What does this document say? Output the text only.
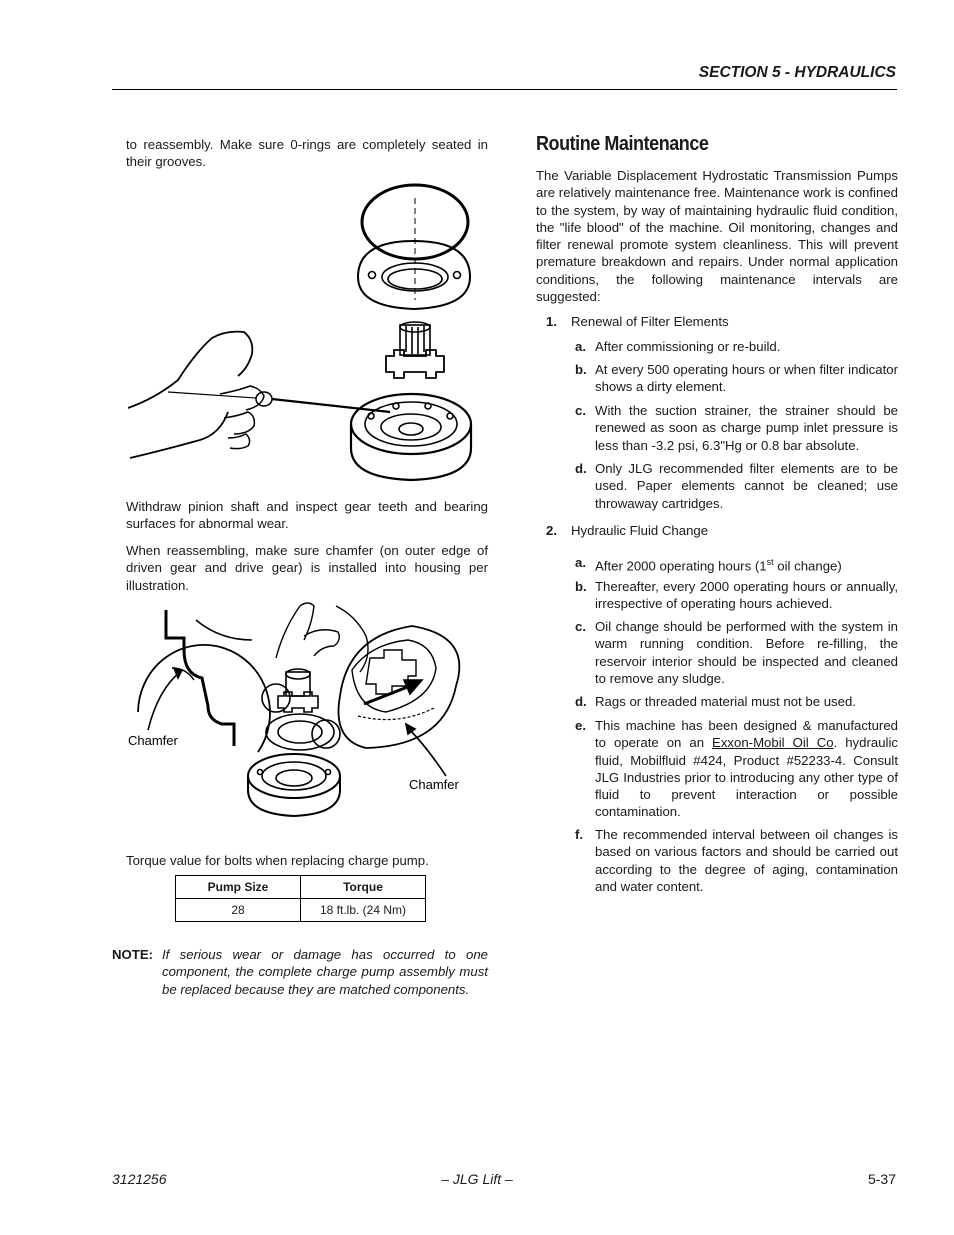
SECTION 5 - HYDRAULICS
to reassembly. Make sure 0-rings are completely seated in their grooves.
Withdraw pinion shaft and inspect gear teeth and bearing surfaces for abnormal wear.
When reassembling, make sure chamfer (on outer edge of driven gear and drive gear) is installed into housing per illustration.
Chamfer
Chamfer
Torque value for bolts when replacing charge pump.
Pump Size	Torque
28	18 ft.lb. (24 Nm)
NOTE: If serious wear or damage has occurred to one component, the complete charge pump assembly must be replaced because they are matched components.
Routine Maintenance
The Variable Displacement Hydrostatic Transmission Pumps are relatively maintenance free. Maintenance work is confined to the system, by way of maintaining hydraulic fluid condition, the "life blood" of the machine. Oil monitoring, changes and filter renewal promote system cleanliness. This will prevent premature breakdown and repairs. Under normal application conditions, the following maintenance intervals are suggested:
1. Renewal of Filter Elements
a. After commissioning or re-build.
b. At every 500 operating hours or when filter indicator shows a dirty element.
c. With the suction strainer, the strainer should be renewed as soon as charge pump inlet pressure is less than -3.2 psi, 6.3"Hg or 0.8 bar absolute.
d. Only JLG recommended filter elements are to be used. Paper elements cannot be cleaned; use throwaway cartridges.
2. Hydraulic Fluid Change
a. After 2000 operating hours (1st oil change)
b. Thereafter, every 2000 operating hours or annually, irrespective of operating hours achieved.
c. Oil change should be performed with the system in warm running condition. Before re-filling, the reservoir interior should be inspected and cleaned to remove any sludge.
d. Rags or threaded material must not be used.
e. This machine has been designed & manufactured to operate on an Exxon-Mobil Oil Co. hydraulic fluid, Mobilfluid #424, Product #52233-4. Consult JLG Industries prior to introducing any other type of fluid to prevent interaction or possible contamination.
f. The recommended interval between oil changes is based on various factors and should be carried out according to the degree of aging, contamination and water content.
3121256	– JLG Lift –	5-37
